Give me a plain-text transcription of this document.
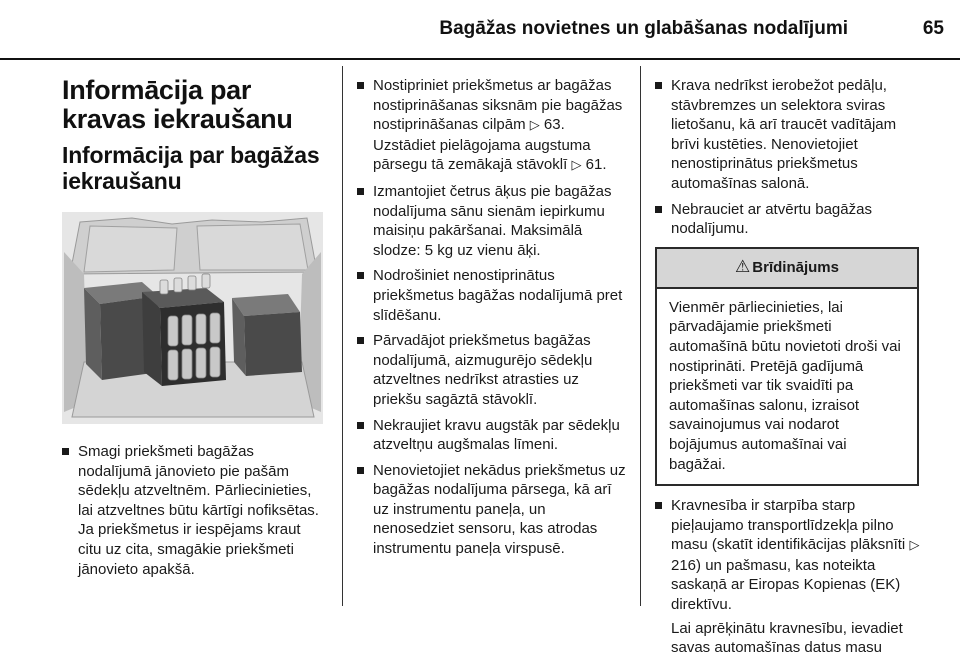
Bagāžas novietnes un glabāšanas nodalījumi	65
Informācija par kravas iekraušanu
Informācija par bagāžas iekraušanu
Smagi priekšmeti bagāžas nodalījumā jānovieto pie pašām sēdekļu atzveltnēm. Pārliecinieties, lai atzveltnes būtu kārtīgi nofiksētas. Ja priekšmetus ir iespējams kraut citu uz cita, smagākie priekšmeti jānovieto apakšā.
Nostipriniet priekšmetus ar bagāžas nostiprināšanas siksnām pie bagāžas nostiprināšanas cilpām ▷ 63. Uzstādiet pielāgojama augstuma pārsegu tā zemākajā stāvoklī ▷ 61.
Izmantojiet četrus āķus pie bagāžas nodalījuma sānu sienām iepirkumu maisiņu pakāršanai. Maksimālā slodze: 5 kg uz vienu āķi.
Nodrošiniet nenostiprinātus priekšmetus bagāžas nodalījumā pret slīdēšanu.
Pārvadājot priekšmetus bagāžas nodalījumā, aizmugurējo sēdekļu atzveltnes nedrīkst atrasties uz priekšu sagāztā stāvoklī.
Nekraujiet kravu augstāk par sēdekļu atzveltņu augšmalas līmeni.
Nenovietojiet nekādus priekšmetus uz bagāžas nodalījuma pārsega, kā arī uz instrumentu paneļa, un nenosedziet sensoru, kas atrodas instrumentu paneļa virspusē.
Krava nedrīkst ierobežot pedāļu, stāvbremzes un selektora sviras lietošanu, kā arī traucēt vadītājam brīvi kustēties. Nenovietojiet nenostiprinātus priekšmetus automašīnas salonā.
Nebrauciet ar atvērtu bagāžas nodalījumu.
⚠ Brīdinājums
Vienmēr pārliecinieties, lai pārvadājamie priekšmeti automašīnā būtu novietoti droši vai nostiprināti. Pretējā gadījumā priekšmeti var tik svaidīti pa automašīnas salonu, izraisot savainojumus vai nodarot bojājumus automašīnai vai bagāžai.
Kravnesība ir starpība starp pieļaujamo transportlīdzekļa pilno masu (skatīt identifikācijas plāksnīti ▷ 216) un pašmasu, kas noteikta saskaņā ar Eiropas Kopienas (EK) direktīvu.
Lai aprēķinātu kravnesību, ievadiet savas automašīnas datus masu
